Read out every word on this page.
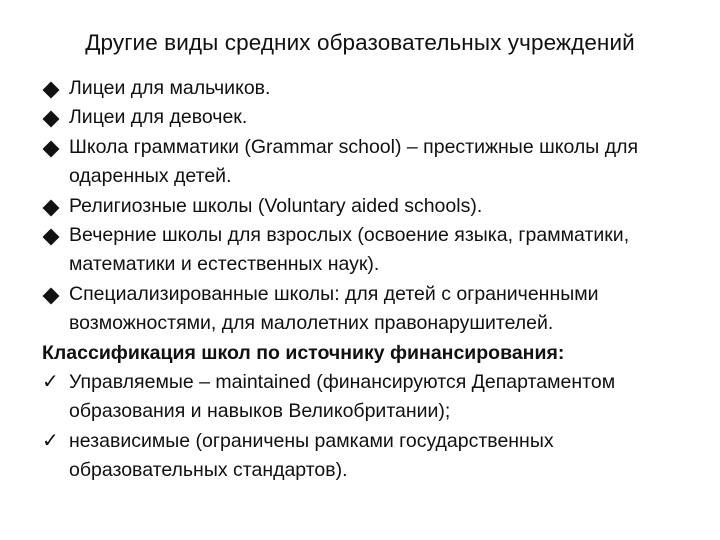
Другие виды средних образовательных учреждений
Лицеи для мальчиков.
Лицеи для девочек.
Школа грамматики (Grammar school) – престижные школы для одаренных детей.
Религиозные школы (Voluntary aided schools).
Вечерние школы для взрослых (освоение языка, грамматики, математики и естественных наук).
Специализированные школы: для детей с ограниченными возможностями, для малолетних правонарушителей.
Классификация школ по источнику финансирования:
✓ Управляемые – maintained (финансируются Департаментом образования и навыков Великобритании);
✓ независимые (ограничены рамками государственных образовательных стандартов).
